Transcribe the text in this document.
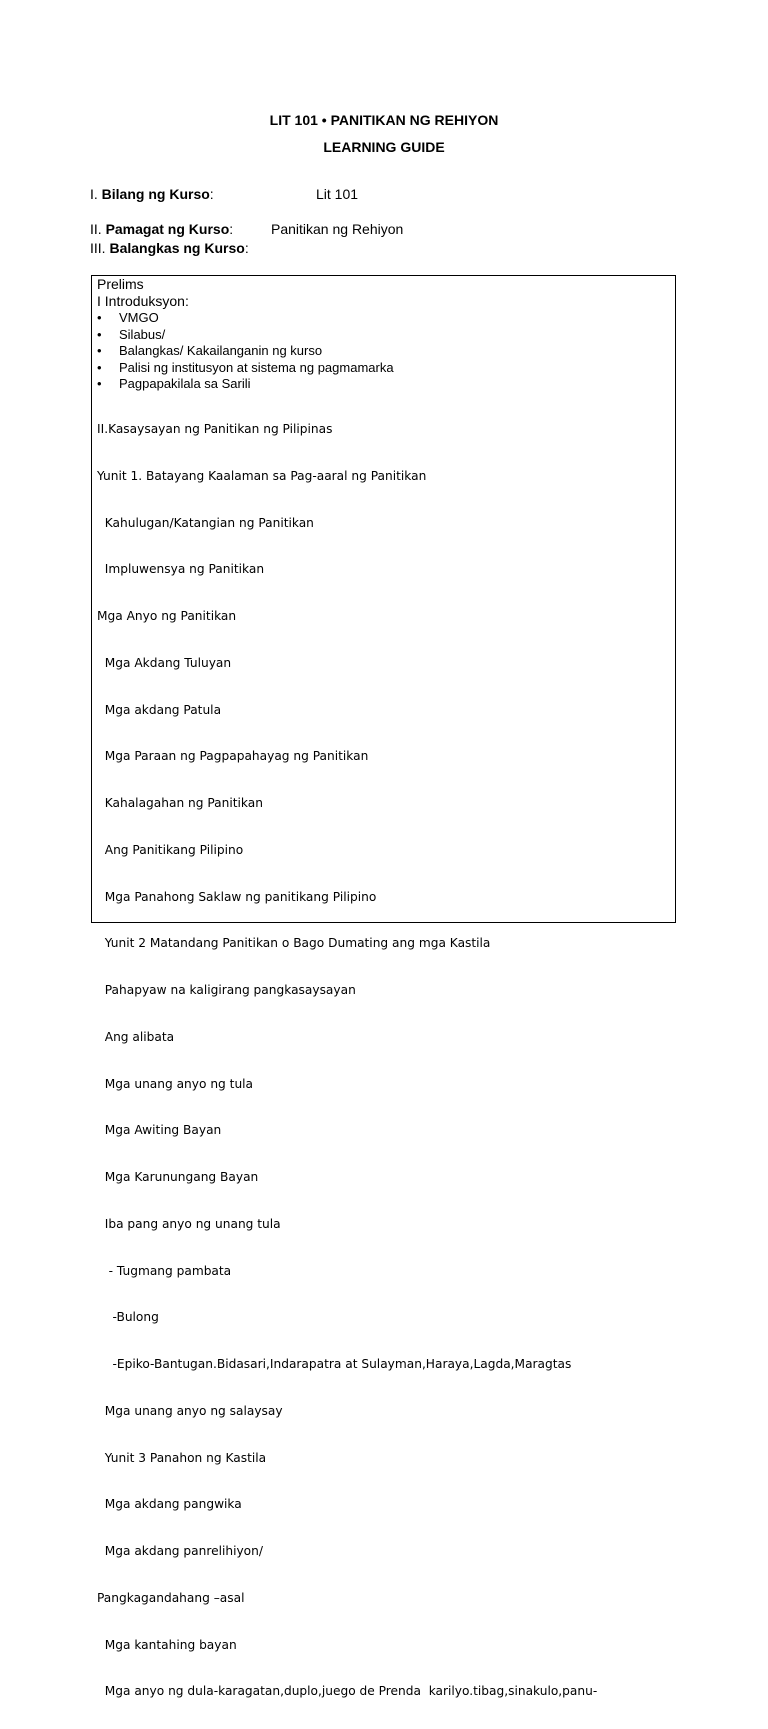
LIT 101 • PANITIKAN NG REHIYON
LEARNING GUIDE
I. Bilang ng Kurso:	Lit 101
II. Pamagat ng Kurso:	Panitikan ng Rehiyon
III. Balangkas ng Kurso:
Prelims
I Introduksyon:
• VMGO
• Silabus/
• Balangkas/ Kakailanganin ng kurso
• Palisi ng institusyon at sistema ng pagmamarka
• Pagpapakilala sa Sarili

II.Kasaysayan ng Panitikan ng Pilipinas

Yunit 1. Batayang Kaalaman sa Pag-aaral ng Panitikan

Kahulugan/Katangian ng Panitikan

Impluwensya ng Panitikan

Mga Anyo ng Panitikan

Mga Akdang Tuluyan

Mga akdang Patula

Mga Paraan ng Pagpapahayag ng Panitikan

Kahalagahan ng Panitikan

Ang Panitikang Pilipino

Mga Panahong Saklaw ng panitikang Pilipino

Yunit 2 Matandang Panitikan o Bago Dumating ang mga Kastila

Pahapyaw na kaligirang pangkasaysayan

Ang alibata

Mga unang anyo ng tula

Mga Awiting Bayan

Mga Karunungang Bayan

Iba pang anyo ng unang tula

- Tugmang pambata

-Bulong

-Epiko-Bantugan.Bidasari,Indarapatra at Sulayman,Haraya,Lagda,Maragtas

Mga unang anyo ng salaysay

Yunit 3 Panahon ng Kastila

Mga akdang pangwika

Mga akdang panrelihiyon/

Pangkagandahang –asal

Mga kantahing bayan

Mga anyo ng dula-karagatan,duplo,juego de Prenda  karilyo.tibag,sinakulo,panu-
